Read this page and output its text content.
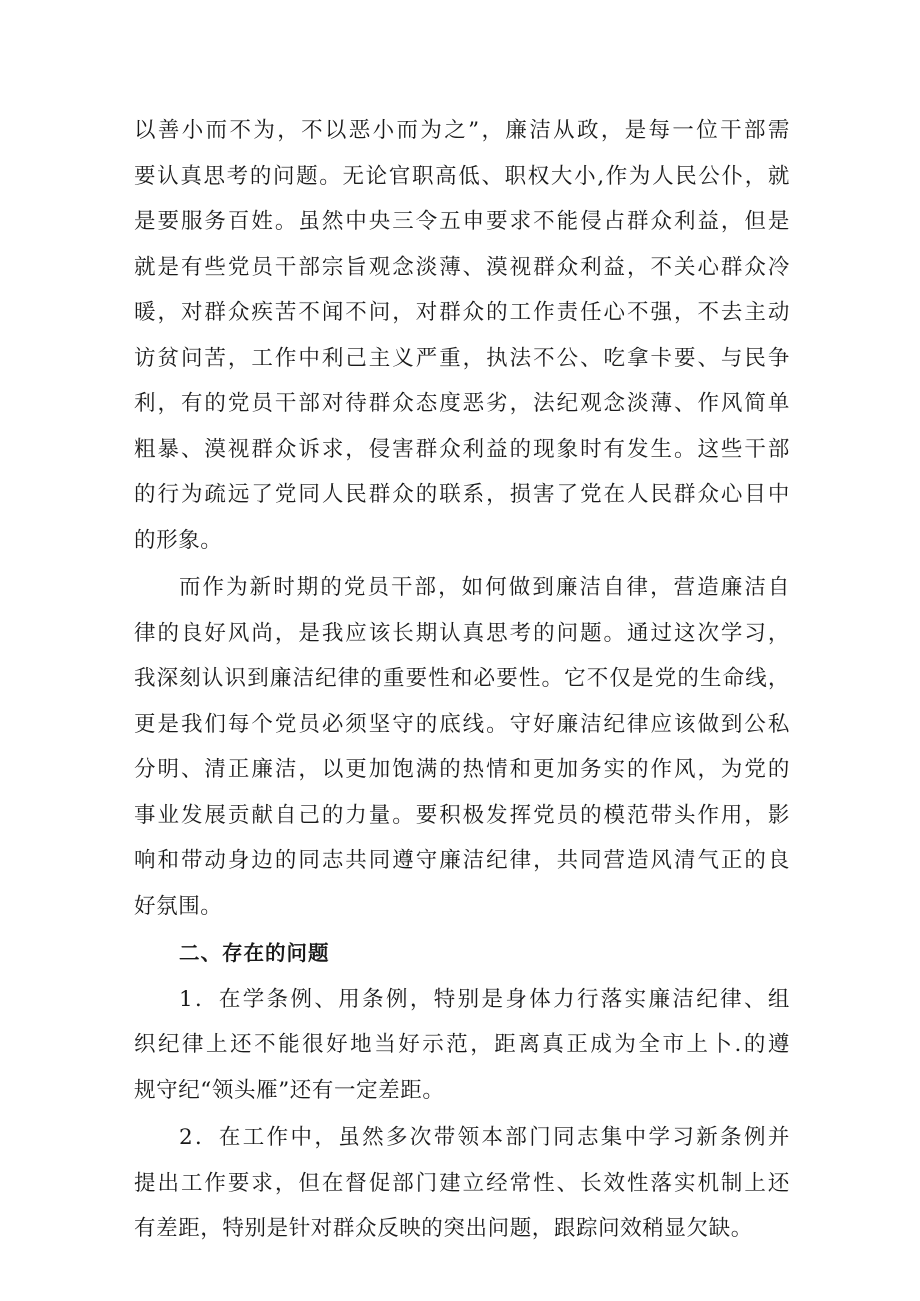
以善小而不为，不以恶小而为之”，廉洁从政，是每一位干部需
要认真思考的问题。无论官职高低、职权大小,作为人民公仆，就
是要服务百姓。虽然中央三令五申要求不能侵占群众利益，但是
就是有些党员干部宗旨观念淡薄、漠视群众利益，不关心群众冷
暖，对群众疾苦不闻不问，对群众的工作责任心不强，不去主动
访贫问苦，工作中利己主义严重，执法不公、吃拿卡要、与民争
利，有的党员干部对待群众态度恶劣，法纪观念淡薄、作风简单
粗暴、漠视群众诉求，侵害群众利益的现象时有发生。这些干部
的行为疏远了党同人民群众的联系，损害了党在人民群众心目中
的形象。
而作为新时期的党员干部，如何做到廉洁自律，营造廉洁自
律的良好风尚，是我应该长期认真思考的问题。通过这次学习，
我深刻认识到廉洁纪律的重要性和必要性。它不仅是党的生命线，
更是我们每个党员必须坚守的底线。守好廉洁纪律应该做到公私
分明、清正廉洁，以更加饱满的热情和更加务实的作风，为党的
事业发展贡献自己的力量。要积极发挥党员的模范带头作用，影
响和带动身边的同志共同遵守廉洁纪律，共同营造风清气正的良
好氛围。
二、存在的问题
1．在学条例、用条例，特别是身体力行落实廉洁纪律、组
织纪律上还不能很好地当好示范，距离真正成为全市上卜.的遵
规守纪“领头雁”还有一定差距。
2．在工作中，虽然多次带领本部门同志集中学习新条例并
提出工作要求，但在督促部门建立经常性、长效性落实机制上还
有差距，特别是针对群众反映的突出问题，跟踪问效稍显欠缺。
